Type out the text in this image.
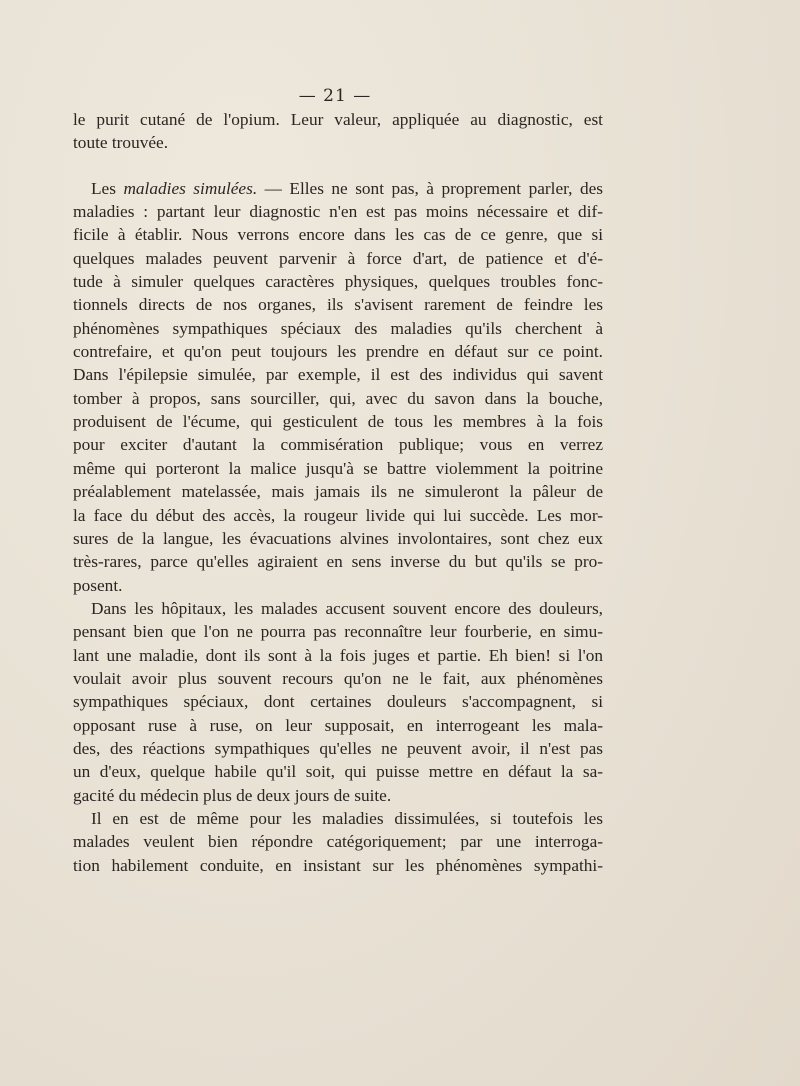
— 21 —
le purit cutané de l'opium. Leur valeur, appliquée au diagnostic, est
toute trouvée.
Les maladies simulées. — Elles ne sont pas, à proprement parler, des
maladies : partant leur diagnostic n'en est pas moins nécessaire et dif-
ficile à établir. Nous verrons encore dans les cas de ce genre, que si
quelques malades peuvent parvenir à force d'art, de patience et d'é-
tude à simuler quelques caractères physiques, quelques troubles fonc-
tionnels directs de nos organes, ils s'avisent rarement de feindre les
phénomènes sympathiques spéciaux des maladies qu'ils cherchent à
contrefaire, et qu'on peut toujours les prendre en défaut sur ce point.
Dans l'épilepsie simulée, par exemple, il est des individus qui savent
tomber à propos, sans sourciller, qui, avec du savon dans la bouche,
produisent de l'écume, qui gesticulent de tous les membres à la fois
pour exciter d'autant la commisération publique; vous en verrez
même qui porteront la malice jusqu'à se battre violemment la poitrine
préalablement matelassée, mais jamais ils ne simuleront la pâleur de
la face du début des accès, la rougeur livide qui lui succède. Les mor-
sures de la langue, les évacuations alvines involontaires, sont chez eux
très-rares, parce qu'elles agiraient en sens inverse du but qu'ils se pro-
posent.
Dans les hôpitaux, les malades accusent souvent encore des douleurs,
pensant bien que l'on ne pourra pas reconnaître leur fourberie, en simu-
lant une maladie, dont ils sont à la fois juges et partie. Eh bien! si l'on
voulait avoir plus souvent recours qu'on ne le fait, aux phénomènes
sympathiques spéciaux, dont certaines douleurs s'accompagnent, si
opposant ruse à ruse, on leur supposait, en interrogeant les mala-
des, des réactions sympathiques qu'elles ne peuvent avoir, il n'est pas
un d'eux, quelque habile qu'il soit, qui puisse mettre en défaut la sa-
gacité du médecin plus de deux jours de suite.
Il en est de même pour les maladies dissimulées, si toutefois les
malades veulent bien répondre catégoriquement; par une interroga-
tion habilement conduite, en insistant sur les phénomènes sympathi-
